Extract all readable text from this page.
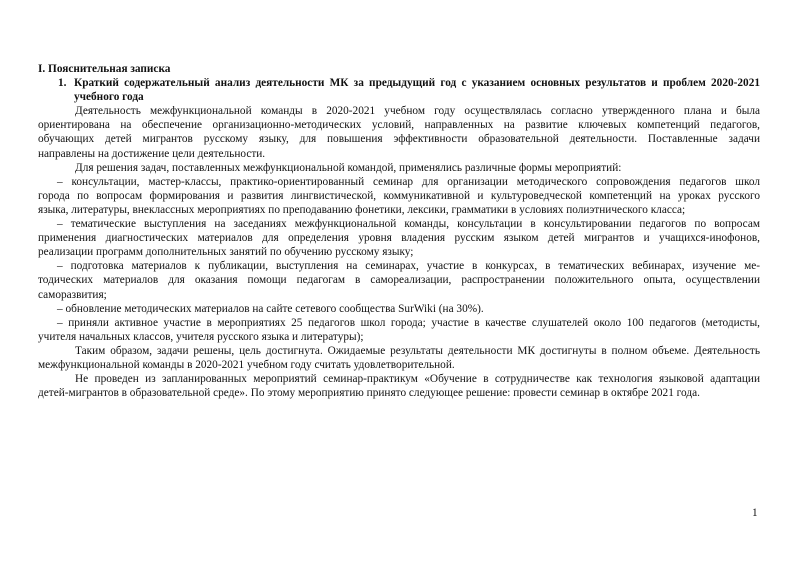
I. Пояснительная записка

1. Краткий содержательный анализ деятельности МК за предыдущий год с указанием основных результатов и проблем 2020-2021
учебного года
Деятельность межфункциональной команды в 2020-2021 учебном году осуществлялась согласно утвержденного плана и была
ориентирована на обеспечение организационно-методических условий, направленных на развитие ключевых компетенций педагогов,
обучающих детей мигрантов русскому языку, для повышения эффективности образовательной деятельности. Поставленные задачи
направлены на достижение цели деятельности.
Для решения задач, поставленных межфункциональной командой, применялись различные формы мероприятий:
– консультации, мастер-классы, практико-ориентированный семинар для организации методического сопровождения педагогов школ
города по вопросам формирования и развития лингвистической, коммуникативной и культуроведческой компетенций на уроках русского
языка, литературы, внеклассных мероприятиях по преподаванию фонетики, лексики, грамматики в условиях полиэтнического класса;
– тематические выступления на заседаниях межфункциональной команды, консультации в консультировании педагогов по вопросам
применения диагностических материалов для определения уровня владения русским языком детей мигрантов и учащихся-инофонов,
реализации программ дополнительных занятий по обучению русскому языку;
– подготовка материалов к публикации, выступления на семинарах, участие в конкурсах, в тематических вебинарах, изучение ме-
тодических материалов для оказания помощи педагогам в самореализации, распространении положительного опыта, осуществлении
саморазвития;
– обновление методических материалов на сайте сетевого сообщества SurWiki (на 30%).
– приняли активное участие в мероприятиях 25 педагогов школ города; участие в качестве слушателей около 100 педагогов (методисты,
учителя начальных классов, учителя русского языка и литературы);
Таким образом, задачи решены, цель достигнута. Ожидаемые результаты деятельности МК достигнуты в полном объеме. Деятельность
межфункциональной команды в 2020-2021 учебном году считать удовлетворительной.
Не проведен из запланированных мероприятий семинар-практикум «Обучение в сотрудничестве как технология языковой адаптации
детей-мигрантов в образовательной среде». По этому мероприятию принято следующее решение: провести семинар в октябре 2021 года.
1
